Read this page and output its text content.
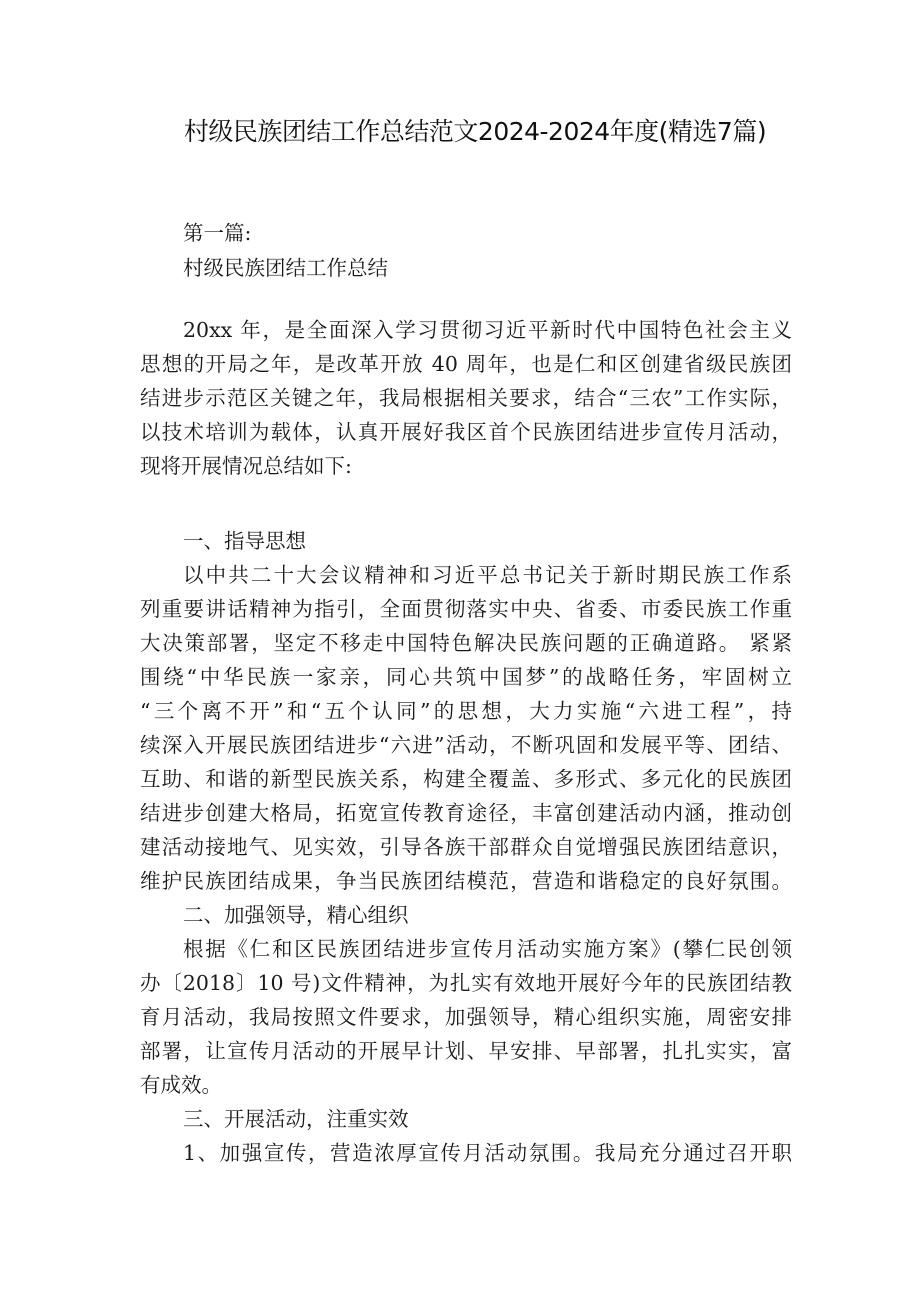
村级民族团结工作总结范文2024-2024年度(精选7篇)
第一篇:
村级民族团结工作总结
20xx 年，是全面深入学习贯彻习近平新时代中国特色社会主义
思想的开局之年，是改革开放 40 周年，也是仁和区创建省级民族团
结进步示范区关键之年，我局根据相关要求，结合“三农”工作实际，
以技术培训为载体，认真开展好我区首个民族团结进步宣传月活动，
现将开展情况总结如下:
一、指导思想
以中共二十大会议精神和习近平总书记关于新时期民族工作系
列重要讲话精神为指引，全面贯彻落实中央、省委、市委民族工作重
大决策部署，坚定不移走中国特色解决民族问题的正确道路。 紧紧
围绕“中华民族一家亲，同心共筑中国梦”的战略任务，牢固树立
“三个离不开”和“五个认同”的思想，大力实施“六进工程”，持
续深入开展民族团结进步“六进”活动，不断巩固和发展平等、团结、
互助、和谐的新型民族关系，构建全覆盖、多形式、多元化的民族团
结进步创建大格局，拓宽宣传教育途径，丰富创建活动内涵，推动创
建活动接地气、见实效，引导各族干部群众自觉增强民族团结意识，
维护民族团结成果，争当民族团结模范，营造和谐稳定的良好氛围。
二、加强领导，精心组织
根据《仁和区民族团结进步宣传月活动实施方案》(攀仁民创领
办〔2018〕10 号)文件精神，为扎实有效地开展好今年的民族团结教
育月活动，我局按照文件要求，加强领导，精心组织实施，周密安排
部署，让宣传月活动的开展早计划、早安排、早部署，扎扎实实，富
有成效。
三、开展活动，注重实效
1、加强宣传，营造浓厚宣传月活动氛围。我局充分通过召开职
